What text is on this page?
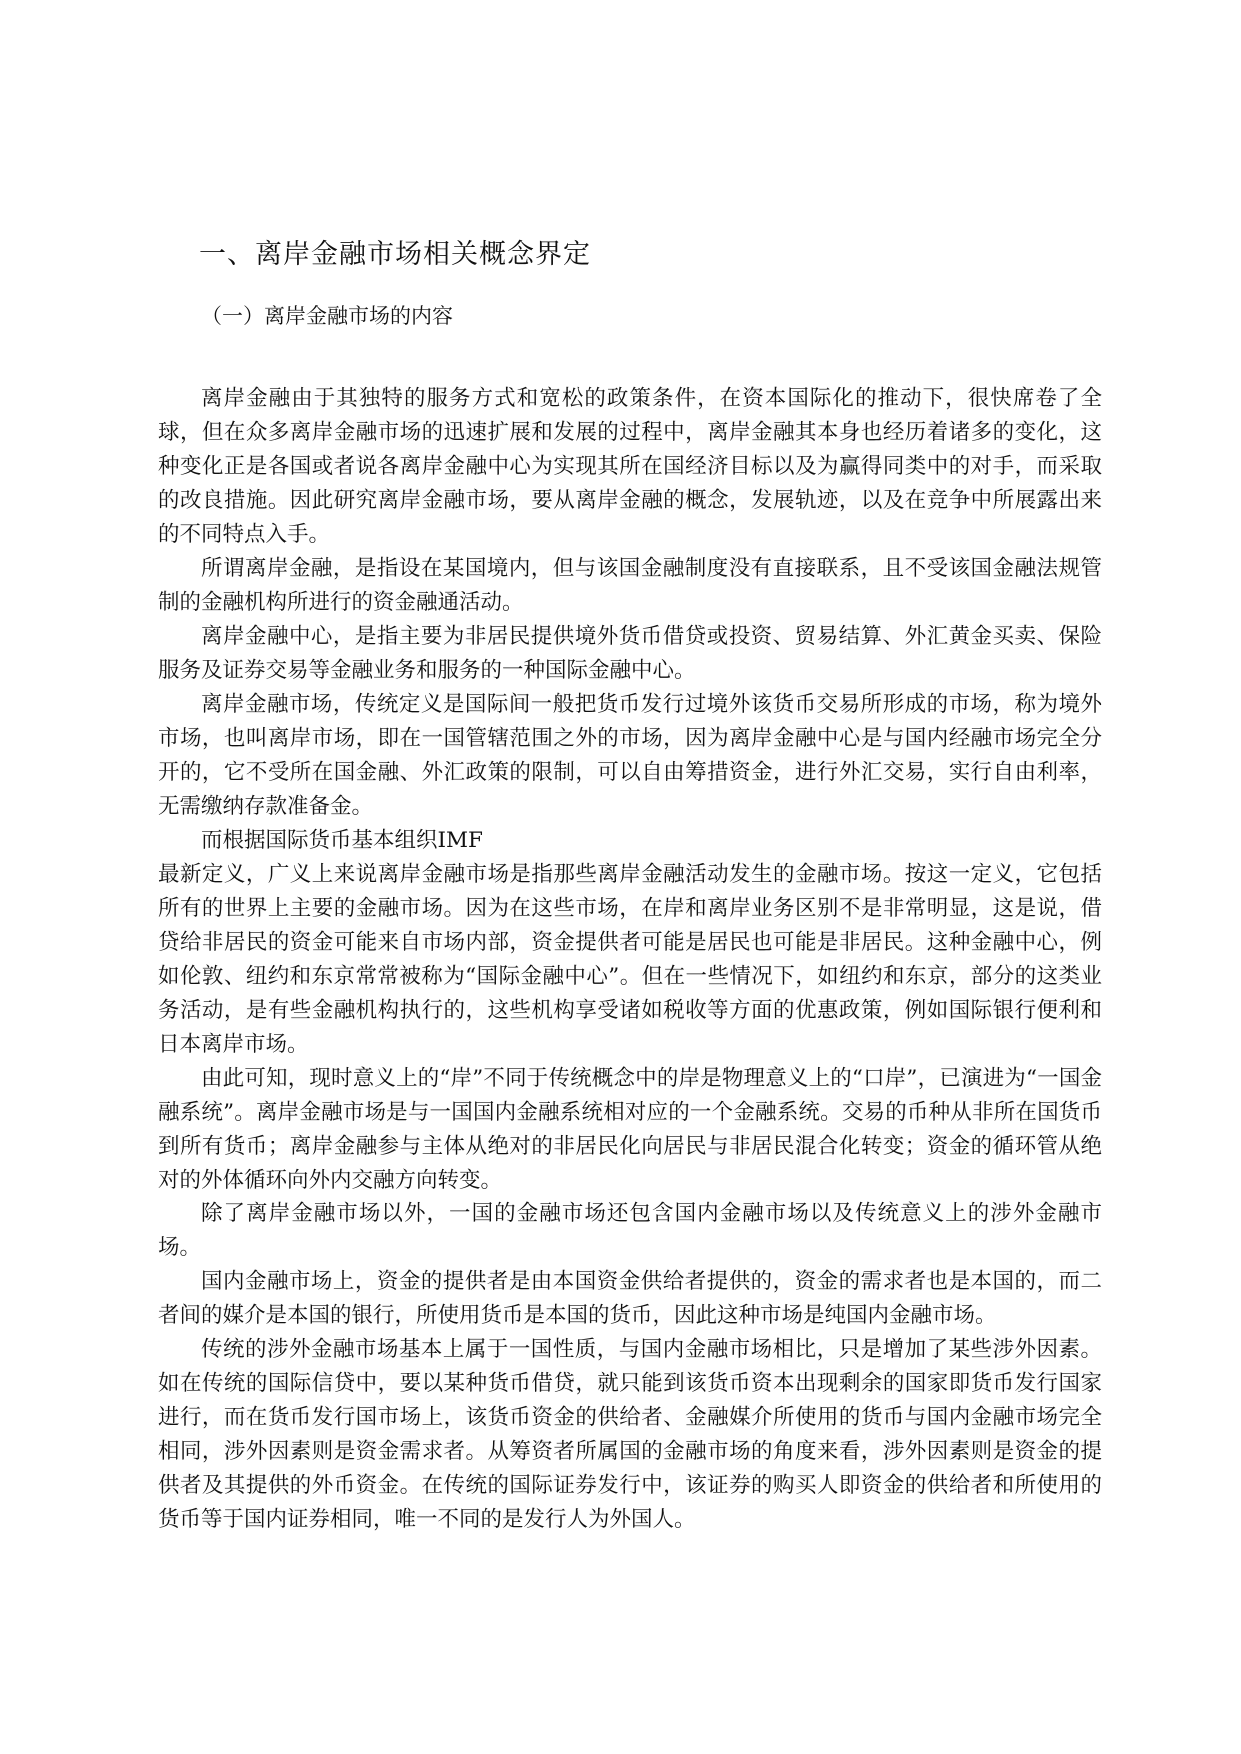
一、离岸金融市场相关概念界定
（一）离岸金融市场的内容

离岸金融由于其独特的服务方式和宽松的政策条件，在资本国际化的推动下，很快席卷了全球，但在众多离岸金融市场的迅速扩展和发展的过程中，离岸金融其本身也经历着诸多的变化，这种变化正是各国或者说各离岸金融中心为实现其所在国经济目标以及为赢得同类中的对手，而采取的改良措施。因此研究离岸金融市场，要从离岸金融的概念，发展轨迹，以及在竞争中所展露出来的不同特点入手。

所谓离岸金融，是指设在某国境内，但与该国金融制度没有直接联系，且不受该国金融法规管制的金融机构所进行的资金融通活动。

离岸金融中心，是指主要为非居民提供境外货币借贷或投资、贸易结算、外汇黄金买卖、保险服务及证券交易等金融业务和服务的一种国际金融中心。

离岸金融市场，传统定义是国际间一般把货币发行过境外该货币交易所形成的市场，称为境外市场，也叫离岸市场，即在一国管辖范围之外的市场，因为离岸金融中心是与国内经融市场完全分开的，它不受所在国金融、外汇政策的限制，可以自由筹措资金，进行外汇交易，实行自由利率，无需缴纳存款准备金。

而根据国际货币基本组织IMF

最新定义，广义上来说离岸金融市场是指那些离岸金融活动发生的金融市场。按这一定义，它包括所有的世界上主要的金融市场。因为在这些市场，在岸和离岸业务区别不是非常明显，这是说，借贷给非居民的资金可能来自市场内部，资金提供者可能是居民也可能是非居民。这种金融中心，例如伦敦、纽约和东京常常被称为“国际金融中心”。但在一些情况下，如纽约和东京，部分的这类业务活动，是有些金融机构执行的，这些机构享受诸如税收等方面的优惠政策，例如国际银行便利和日本离岸市场。

由此可知，现时意义上的“岸”不同于传统概念中的岸是物理意义上的“口岸”，已演进为“一国金融系统”。离岸金融市场是与一国国内金融系统相对应的一个金融系统。交易的币种从非所在国货币到所有货币；离岸金融参与主体从绝对的非居民化向居民与非居民混合化转变；资金的循环管从绝对的外体循环向外内交融方向转变。

除了离岸金融市场以外，一国的金融市场还包含国内金融市场以及传统意义上的涉外金融市场。

国内金融市场上，资金的提供者是由本国资金供给者提供的，资金的需求者也是本国的，而二者间的媒介是本国的银行，所使用货币是本国的货币，因此这种市场是纯国内金融市场。

传统的涉外金融市场基本上属于一国性质，与国内金融市场相比，只是增加了某些涉外因素。如在传统的国际信贷中，要以某种货币借贷，就只能到该货币资本出现剩余的国家即货币发行国家进行，而在货币发行国市场上，该货币资金的供给者、金融媒介所使用的货币与国内金融市场完全相同，涉外因素则是资金需求者。从筹资者所属国的金融市场的角度来看，涉外因素则是资金的提供者及其提供的外币资金。在传统的国际证券发行中，该证券的购买人即资金的供给者和所使用的货币等于国内证券相同，唯一不同的是发行人为外国人。
